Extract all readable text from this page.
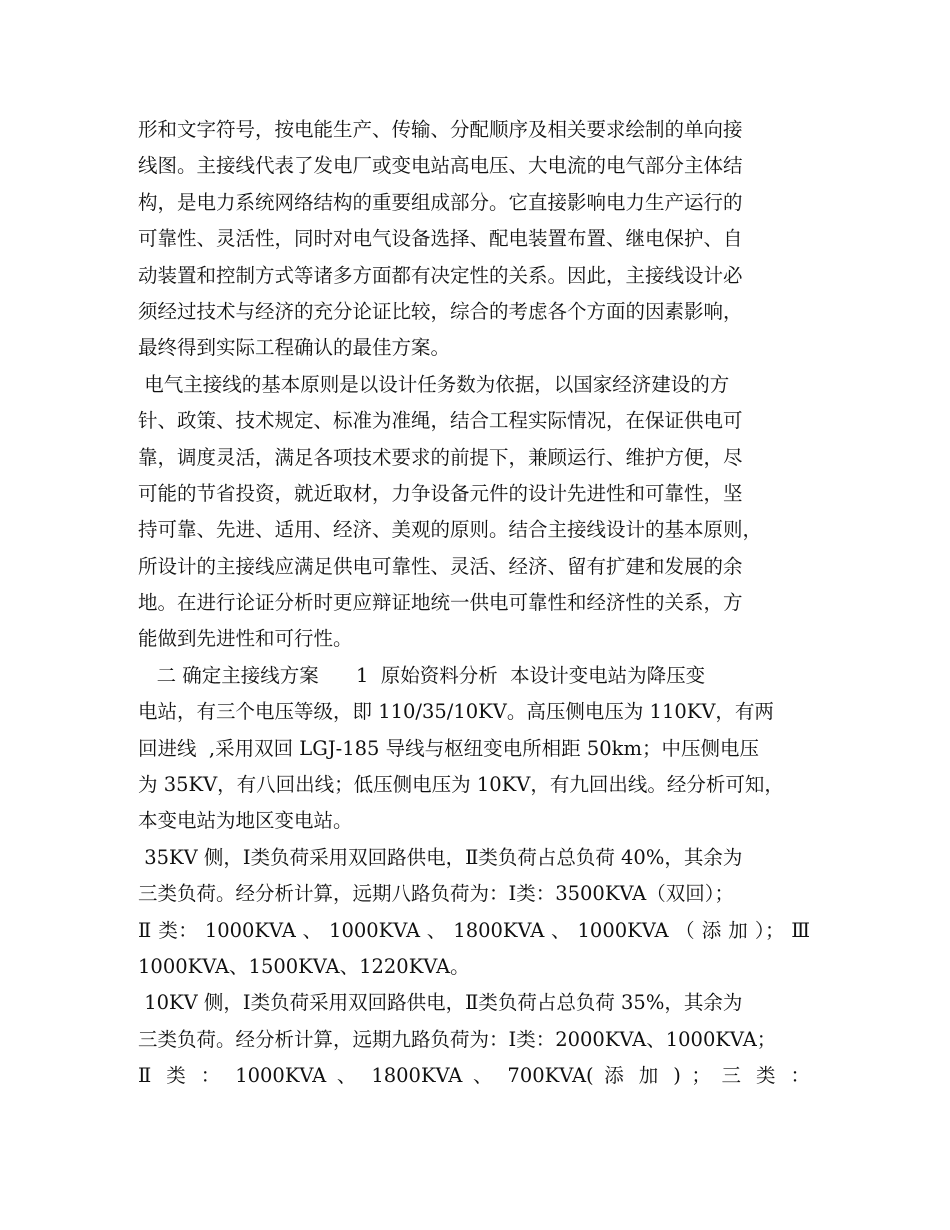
形和文字符号，按电能生产、传输、分配顺序及相关要求绘制的单向接
线图。主接线代表了发电厂或变电站高电压、大电流的电气部分主体结
构，是电力系统网络结构的重要组成部分。它直接影响电力生产运行的
可靠性、灵活性，同时对电气设备选择、配电装置布置、继电保护、自
动装置和控制方式等诸多方面都有决定性的关系。因此，主接线设计必
须经过技术与经济的充分论证比较，综合的考虑各个方面的因素影响，
最终得到实际工程确认的最佳方案。
电气主接线的基本原则是以设计任务数为依据，以国家经济建设的方
针、政策、技术规定、标准为准绳，结合工程实际情况，在保证供电可
靠，调度灵活，满足各项技术要求的前提下，兼顾运行、维护方便，尽
可能的节省投资，就近取材，力争设备元件的设计先进性和可靠性，坚
持可靠、先进、适用、经济、美观的原则。结合主接线设计的基本原则，
所设计的主接线应满足供电可靠性、灵活、经济、留有扩建和发展的余
地。在进行论证分析时更应辩证地统一供电可靠性和经济性的关系，方
能做到先进性和可行性。
二 确定主接线方案      1  原始资料分析  本设计变电站为降压变
电站，有三个电压等级，即 110/35/10KV。高压侧电压为 110KV，有两
回进线  ,采用双回 LGJ-185 导线与枢纽变电所相距 50km；中压侧电压
为 35KV，有八回出线；低压侧电压为 10KV，有九回出线。经分析可知，
本变电站为地区变电站。
35KV 侧，Ⅰ类负荷采用双回路供电，Ⅱ类负荷占总负荷 40%，其余为
三类负荷。经分析计算，远期八路负荷为：Ⅰ类：3500KVA（双回）；
Ⅱ 类： 1000KVA 、 1000KVA 、 1800KVA 、 1000KVA （ 添 加 ）； Ⅲ
1000KVA、1500KVA、1220KVA。
10KV 侧，Ⅰ类负荷采用双回路供电，Ⅱ类负荷占总负荷 35%，其余为
三类负荷。经分析计算，远期九路负荷为：Ⅰ类：2000KVA、1000KVA；
Ⅱ 类 ： 1000KVA 、 1800KVA 、 700KVA( 添 加 ) ； 三 类 ：
